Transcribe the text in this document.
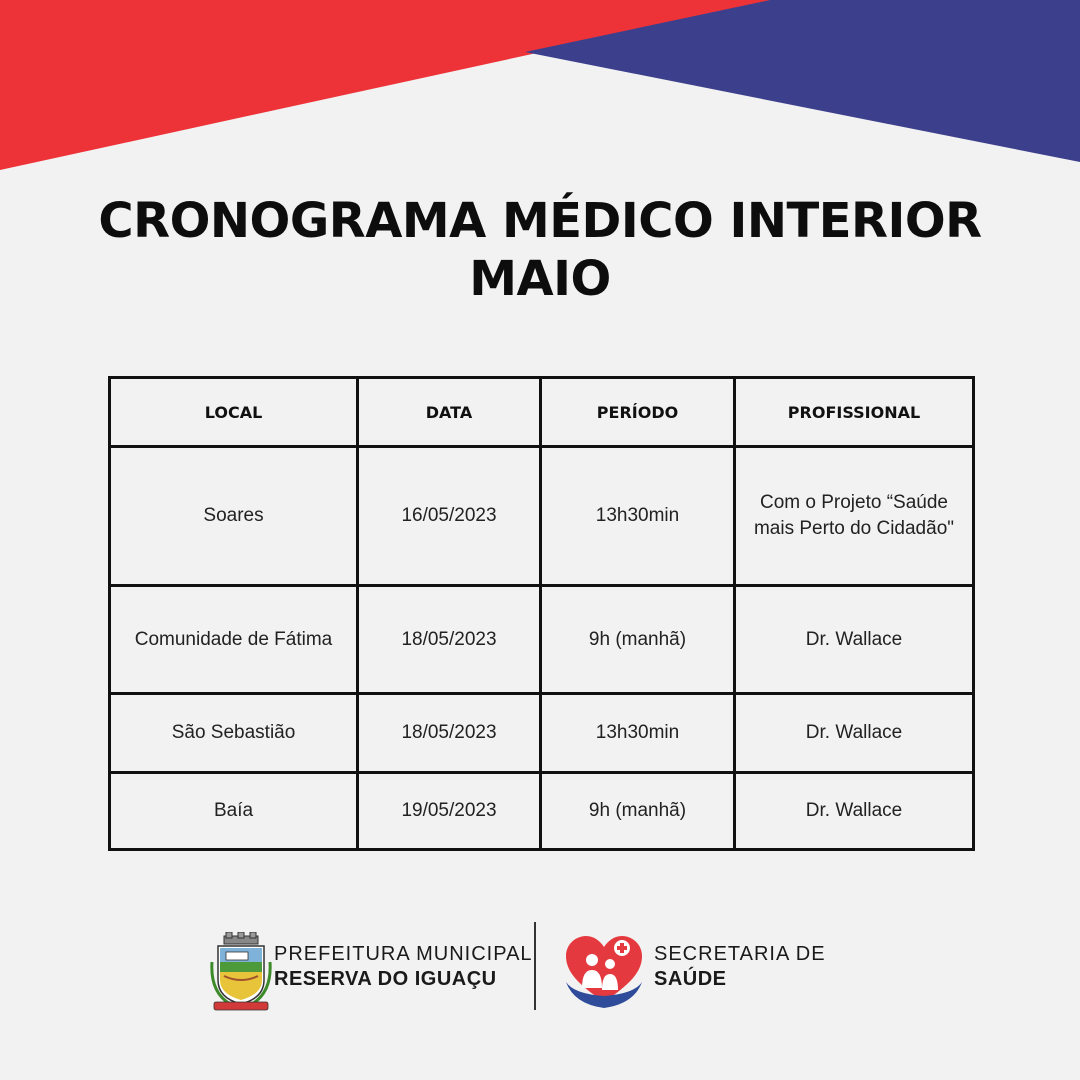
CRONOGRAMA MÉDICO INTERIOR
MAIO
LOCAL	DATA	PERÍODO	PROFISSIONAL
Soares	16/05/2023	13h30min	Com o Projeto “Saúde mais Perto do Cidadão"
Comunidade de Fátima	18/05/2023	9h (manhã)	Dr. Wallace
São Sebastião	18/05/2023	13h30min	Dr. Wallace
Baía	19/05/2023	9h (manhã)	Dr. Wallace
PREFEITURA MUNICIPAL
RESERVA DO IGUAÇU
SECRETARIA DE
SAÚDE
